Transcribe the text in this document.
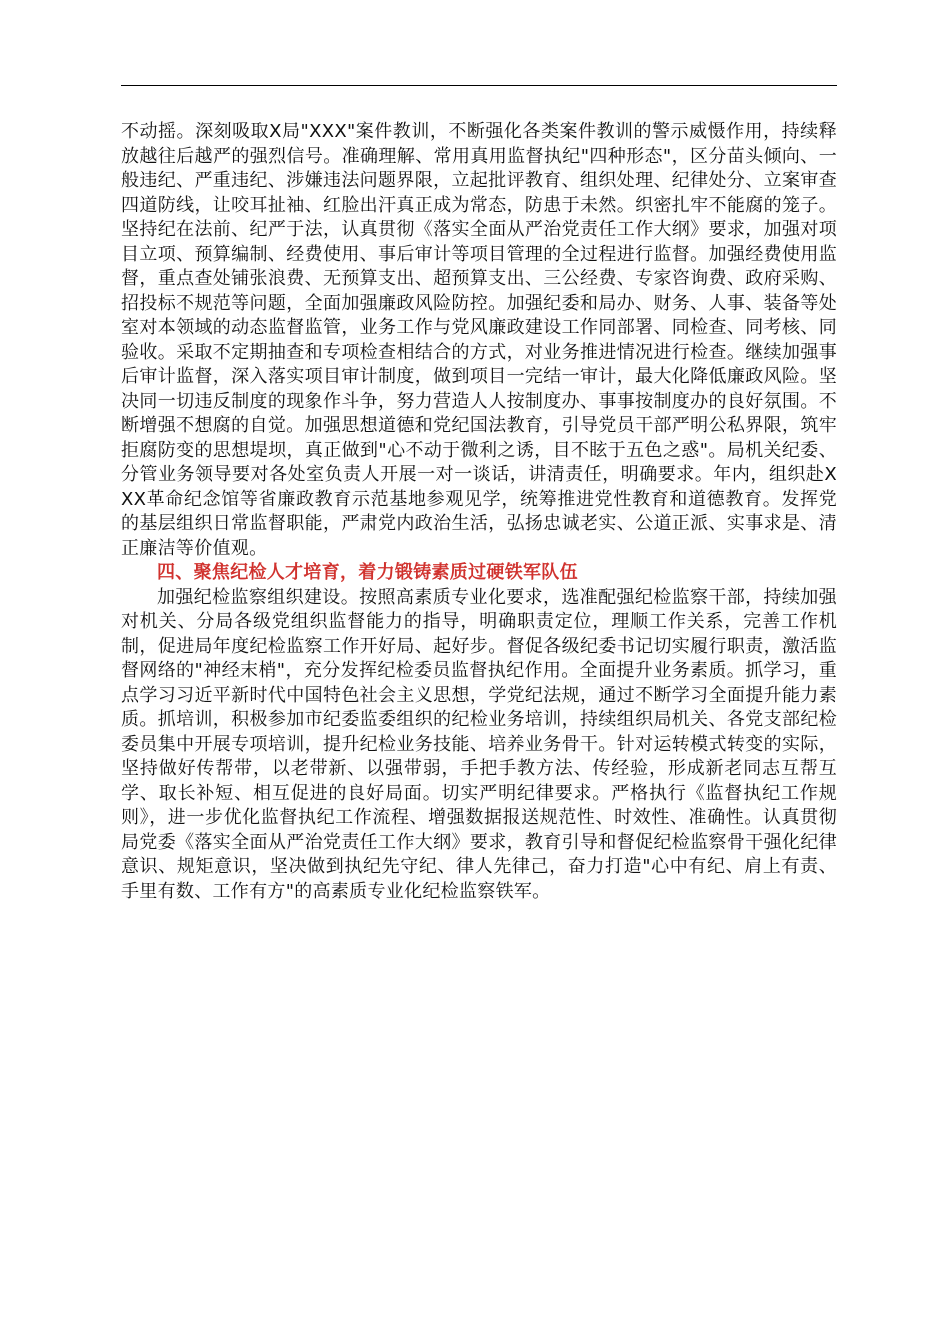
不动摇。深刻吸取X局"XXX"案件教训，不断强化各类案件教训的警示威慑作用，持续释放越往后越严的强烈信号。准确理解、常用真用监督执纪"四种形态"，区分苗头倾向、一般违纪、严重违纪、涉嫌违法问题界限，立起批评教育、组织处理、纪律处分、立案审查四道防线，让咬耳扯袖、红脸出汗真正成为常态，防患于未然。织密扎牢不能腐的笼子。坚持纪在法前、纪严于法，认真贯彻《落实全面从严治党责任工作大纲》要求，加强对项目立项、预算编制、经费使用、事后审计等项目管理的全过程进行监督。加强经费使用监督，重点查处铺张浪费、无预算支出、超预算支出、三公经费、专家咨询费、政府采购、招投标不规范等问题，全面加强廉政风险防控。加强纪委和局办、财务、人事、装备等处室对本领域的动态监督监管，业务工作与党风廉政建设工作同部署、同检查、同考核、同验收。采取不定期抽查和专项检查相结合的方式，对业务推进情况进行检查。继续加强事后审计监督，深入落实项目审计制度，做到项目一完结一审计，最大化降低廉政风险。坚决同一切违反制度的现象作斗争，努力营造人人按制度办、事事按制度办的良好氛围。不断增强不想腐的自觉。加强思想道德和党纪国法教育，引导党员干部严明公私界限，筑牢拒腐防变的思想堤坝，真正做到"心不动于微利之诱，目不眩于五色之惑"。局机关纪委、分管业务领导要对各处室负责人开展一对一谈话，讲清责任，明确要求。年内，组织赴XXX革命纪念馆等省廉政教育示范基地参观见学，统筹推进党性教育和道德教育。发挥党的基层组织日常监督职能，严肃党内政治生活，弘扬忠诚老实、公道正派、实事求是、清正廉洁等价值观。

四、聚焦纪检人才培育，着力锻铸素质过硬铁军队伍

加强纪检监察组织建设。按照高素质专业化要求，选准配强纪检监察干部，持续加强对机关、分局各级党组织监督能力的指导，明确职责定位，理顺工作关系，完善工作机制，促进局年度纪检监察工作开好局、起好步。督促各级纪委书记切实履行职责，激活监督网络的"神经末梢"，充分发挥纪检委员监督执纪作用。全面提升业务素质。抓学习，重点学习习近平新时代中国特色社会主义思想，学党纪法规，通过不断学习全面提升能力素质。抓培训，积极参加市纪委监委组织的纪检业务培训，持续组织局机关、各党支部纪检委员集中开展专项培训，提升纪检业务技能、培养业务骨干。针对运转模式转变的实际，坚持做好传帮带，以老带新、以强带弱，手把手教方法、传经验，形成新老同志互帮互学、取长补短、相互促进的良好局面。切实严明纪律要求。严格执行《监督执纪工作规则》，进一步优化监督执纪工作流程、增强数据报送规范性、时效性、准确性。认真贯彻局党委《落实全面从严治党责任工作大纲》要求，教育引导和督促纪检监察骨干强化纪律意识、规矩意识，坚决做到执纪先守纪、律人先律己，奋力打造"心中有纪、肩上有责、手里有数、工作有方"的高素质专业化纪检监察铁军。
